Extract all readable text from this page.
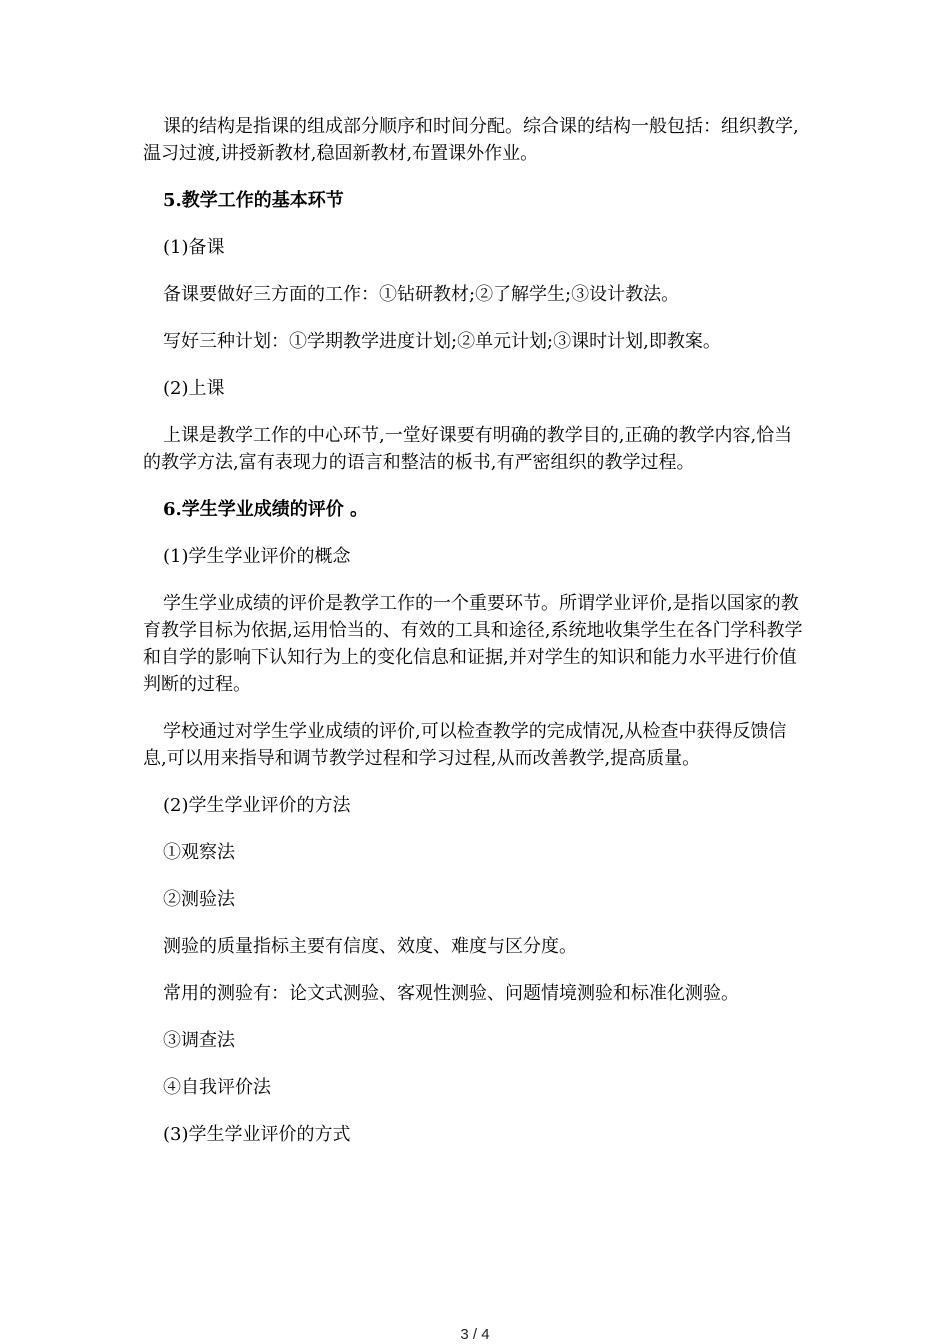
课的结构是指课的组成部分顺序和时间分配。综合课的结构一般包括：组织教学,温习过渡,讲授新教材,稳固新教材,布置课外作业。

5.教学工作的基本环节

(1)备课

备课要做好三方面的工作：①钻研教材;②了解学生;③设计教法。

写好三种计划：①学期教学进度计划;②单元计划;③课时计划,即教案。

(2)上课

上课是教学工作的中心环节,一堂好课要有明确的教学目的,正确的教学内容,恰当的教学方法,富有表现力的语言和整洁的板书,有严密组织的教学过程。

6.学生学业成绩的评价 。

(1)学生学业评价的概念

学生学业成绩的评价是教学工作的一个重要环节。所谓学业评价,是指以国家的教育教学目标为依据,运用恰当的、有效的工具和途径,系统地收集学生在各门学科教学和自学的影响下认知行为上的变化信息和证据,并对学生的知识和能力水平进行价值判断的过程。

学校通过对学生学业成绩的评价,可以检查教学的完成情况,从检查中获得反馈信息,可以用来指导和调节教学过程和学习过程,从而改善教学,提高质量。

(2)学生学业评价的方法

①观察法

②测验法

测验的质量指标主要有信度、效度、难度与区分度。

常用的测验有：论文式测验、客观性测验、问题情境测验和标准化测验。

③调查法

④自我评价法

(3)学生学业评价的方式

3 / 4
